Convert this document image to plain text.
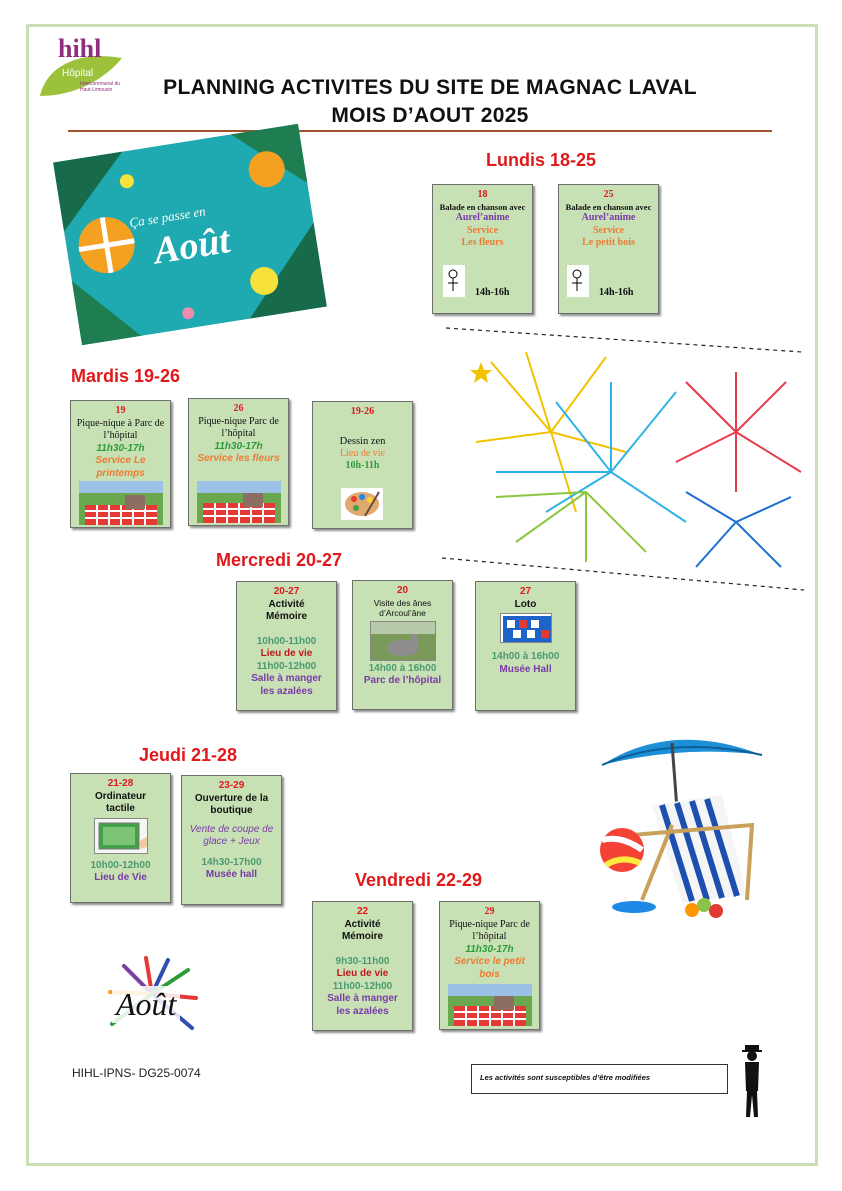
hihl
Hôpital
Intercommunal du Haut-Limousin	PLANNING ACTIVITES DU SITE DE MAGNAC LAVAL
MOIS D’AOUT 2025
Ça se passe en
Août
Lundis 18-25
Mardis 19-26
Mercredi 20-27
Jeudi 21-28
Vendredi 22-29
18
Balade en chanson avec
Aurel’anime
Service
Les fleurs
14h-16h
25
Balade en chanson avec
Aurel’anime
Service
Le petit bois
14h-16h
19
Pique-nique à Parc de l’hôpital
11h30-17h
Service Le printemps
26
Pique-nique Parc de l’hôpital
11h30-17h
Service les fleurs
19-26
Dessin zen
Lieu de vie
10h-11h
20-27
Activité Mémoire
10h00-11h00
Lieu de vie
11h00-12h00
Salle à manger les azalées
20
Visite des ânes d’Arcoul’âne
14h00 à 16h00
Parc de l’hôpital
27
Loto
14h00 à 16h00
Musée Hall
21-28
Ordinateur tactile
10h00-12h00
Lieu de Vie
23-29
Ouverture de la boutique
Vente de coupe de glace + Jeux
14h30-17h00
Musée hall
22
Activité Mémoire
9h30-11h00
Lieu de vie
11h00-12h00
Salle à manger les azalées
29
Pique-nique Parc de l’hôpital
11h30-17h
Service le petit bois
Août
HIHL-IPNS- DG25-0074	Les activités sont susceptibles d’être modifiées
